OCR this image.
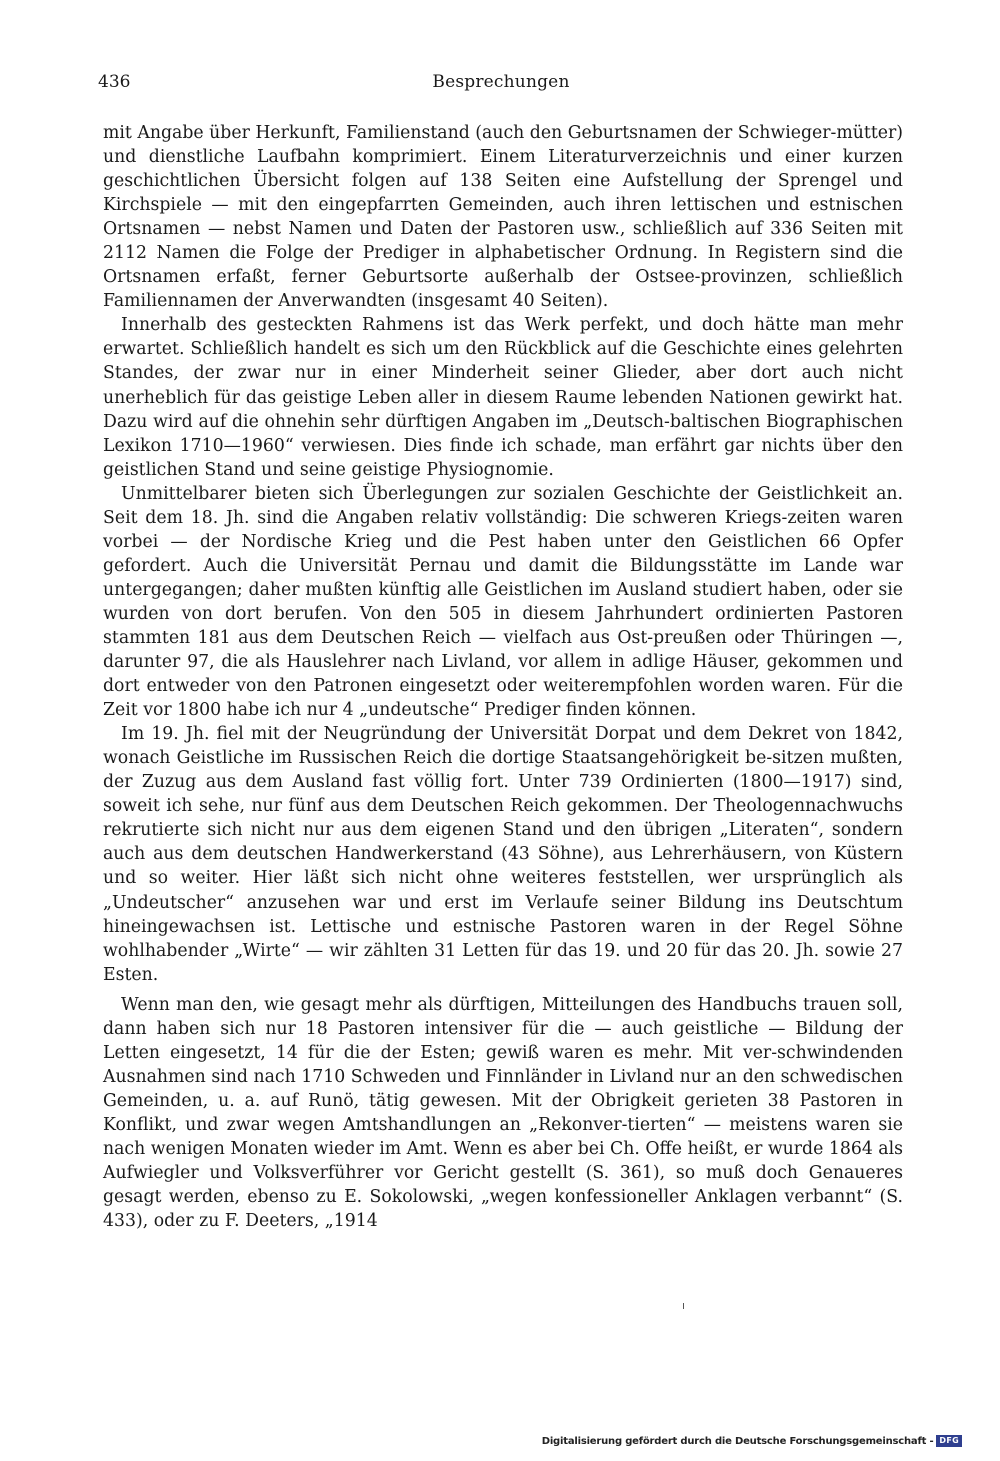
436	Besprechungen

mit Angabe über Herkunft, Familienstand (auch den Geburtsnamen der Schwieger-mütter) und dienstliche Laufbahn komprimiert. Einem Literaturverzeichnis und einer kurzen geschichtlichen Übersicht folgen auf 138 Seiten eine Aufstellung der Sprengel und Kirchspiele — mit den eingepfarrten Gemeinden, auch ihren lettischen und estnischen Ortsnamen — nebst Namen und Daten der Pastoren usw., schließlich auf 336 Seiten mit 2112 Namen die Folge der Prediger in alphabetischer Ordnung. In Registern sind die Ortsnamen erfaßt, ferner Geburtsorte außerhalb der Ostsee-provinzen, schließlich Familiennamen der Anverwandten (insgesamt 40 Seiten).

Innerhalb des gesteckten Rahmens ist das Werk perfekt, und doch hätte man mehr erwartet. Schließlich handelt es sich um den Rückblick auf die Geschichte eines gelehrten Standes, der zwar nur in einer Minderheit seiner Glieder, aber dort auch nicht unerheblich für das geistige Leben aller in diesem Raume lebenden Nationen gewirkt hat. Dazu wird auf die ohnehin sehr dürftigen Angaben im „Deutsch-baltischen Biographischen Lexikon 1710—1960“ verwiesen. Dies finde ich schade, man erfährt gar nichts über den geistlichen Stand und seine geistige Physiognomie.

Unmittelbarer bieten sich Überlegungen zur sozialen Geschichte der Geistlichkeit an. Seit dem 18. Jh. sind die Angaben relativ vollständig: Die schweren Kriegs-zeiten waren vorbei — der Nordische Krieg und die Pest haben unter den Geistlichen 66 Opfer gefordert. Auch die Universität Pernau und damit die Bildungsstätte im Lande war untergegangen; daher mußten künftig alle Geistlichen im Ausland studiert haben, oder sie wurden von dort berufen. Von den 505 in diesem Jahrhundert ordinierten Pastoren stammten 181 aus dem Deutschen Reich — vielfach aus Ost-preußen oder Thüringen —, darunter 97, die als Hauslehrer nach Livland, vor allem in adlige Häuser, gekommen und dort entweder von den Patronen eingesetzt oder weiterempfohlen worden waren. Für die Zeit vor 1800 habe ich nur 4 „undeutsche“ Prediger finden können.

Im 19. Jh. fiel mit der Neugründung der Universität Dorpat und dem Dekret von 1842, wonach Geistliche im Russischen Reich die dortige Staatsangehörigkeit be-sitzen mußten, der Zuzug aus dem Ausland fast völlig fort. Unter 739 Ordinierten (1800—1917) sind, soweit ich sehe, nur fünf aus dem Deutschen Reich gekommen. Der Theologennachwuchs rekrutierte sich nicht nur aus dem eigenen Stand und den übrigen „Literaten“, sondern auch aus dem deutschen Handwerkerstand (43 Söhne), aus Lehrerhäusern, von Küstern und so weiter. Hier läßt sich nicht ohne weiteres feststellen, wer ursprünglich als „Undeutscher“ anzusehen war und erst im Verlaufe seiner Bildung ins Deutschtum hineingewachsen ist. Lettische und estnische Pastoren waren in der Regel Söhne wohlhabender „Wirte“ — wir zählten 31 Letten für das 19. und 20 für das 20. Jh. sowie 27 Esten.

Wenn man den, wie gesagt mehr als dürftigen, Mitteilungen des Handbuchs trauen soll, dann haben sich nur 18 Pastoren intensiver für die — auch geistliche — Bildung der Letten eingesetzt, 14 für die der Esten; gewiß waren es mehr. Mit ver-schwindenden Ausnahmen sind nach 1710 Schweden und Finnländer in Livland nur an den schwedischen Gemeinden, u. a. auf Runö, tätig gewesen. Mit der Obrigkeit gerieten 38 Pastoren in Konflikt, und zwar wegen Amtshandlungen an „Rekonver-tierten“ — meistens waren sie nach wenigen Monaten wieder im Amt. Wenn es aber bei Ch. Offe heißt, er wurde 1864 als Aufwiegler und Volksverführer vor Gericht gestellt (S. 361), so muß doch Genaueres gesagt werden, ebenso zu E. Sokolowski, „wegen konfessioneller Anklagen verbannt“ (S. 433), oder zu F. Deeters, „1914

Digitalisierung gefördert durch die Deutsche Forschungsgemeinschaft - DFG
